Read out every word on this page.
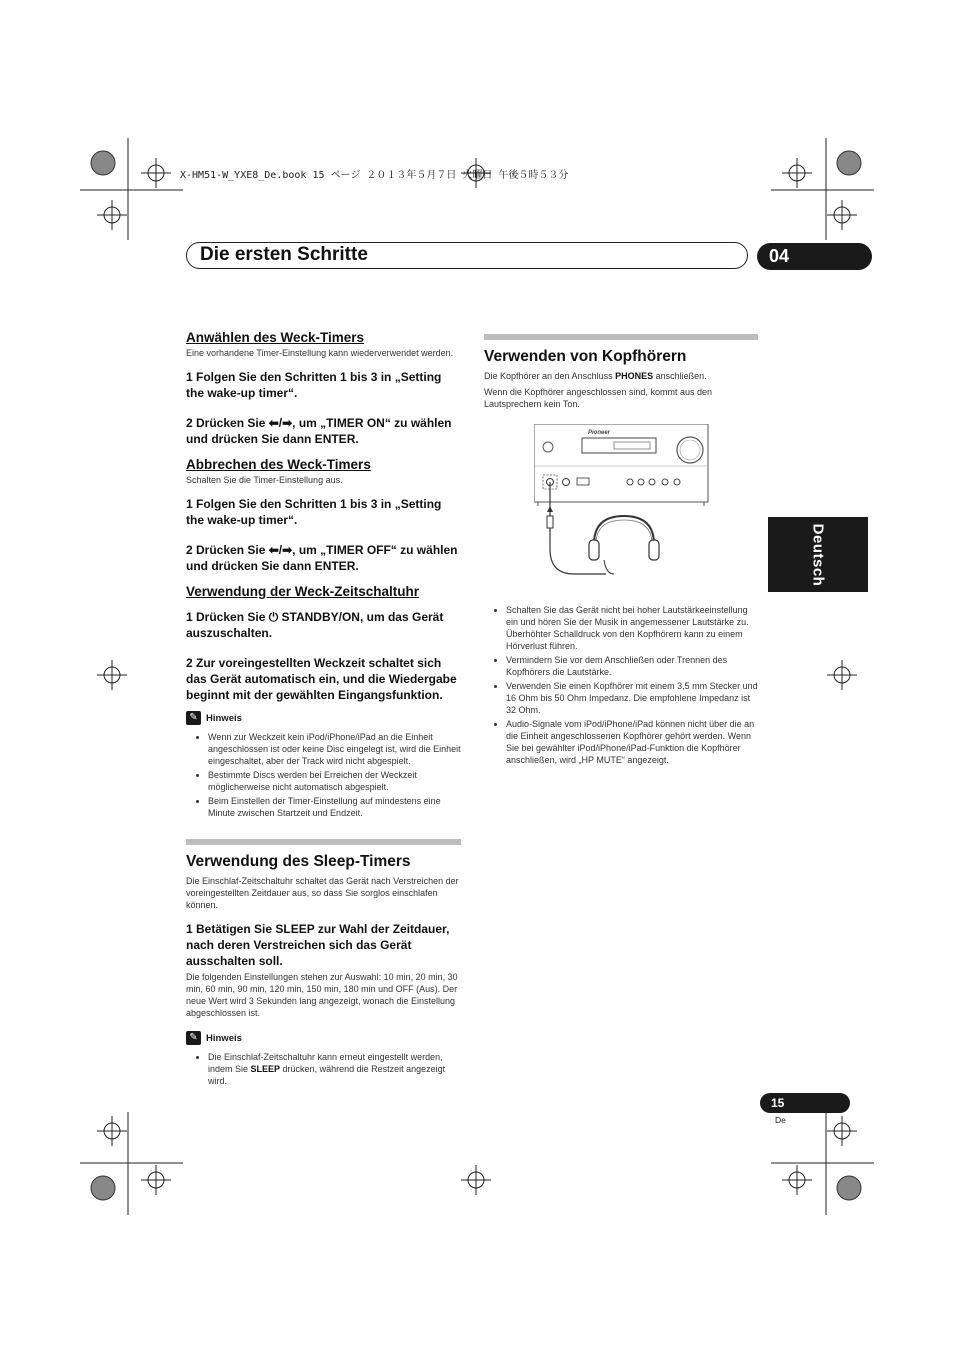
X-HM51-W_YXE8_De.book 15 ページ ２０１３年５月７日 火曜日 午後５時５３分
Die ersten Schritte	04
Deutsch
Anwählen des Weck-Timers

Eine vorhandene Timer-Einstellung kann wiederverwendet werden.

1 Folgen Sie den Schritten 1 bis 3 in „Setting the wake-up timer“.

2 Drücken Sie ⬅/➡, um „TIMER ON“ zu wählen und drücken Sie dann ENTER.

Abbrechen des Weck-Timers

Schalten Sie die Timer-Einstellung aus.

1 Folgen Sie den Schritten 1 bis 3 in „Setting the wake-up timer“.

2 Drücken Sie ⬅/➡, um „TIMER OFF“ zu wählen und drücken Sie dann ENTER.

Verwendung der Weck-Zeitschaltuhr

1 Drücken Sie ⏻ STANDBY/ON, um das Gerät auszuschalten.

2 Zur voreingestellten Weckzeit schaltet sich das Gerät automatisch ein, und die Wiedergabe beginnt mit der gewählten Eingangsfunktion.

✎ Hinweis
• Wenn zur Weckzeit kein iPod/iPhone/iPad an die Einheit angeschlossen ist oder keine Disc eingelegt ist, wird die Einheit eingeschaltet, aber der Track wird nicht abgespielt.
• Bestimmte Discs werden bei Erreichen der Weckzeit möglicherweise nicht automatisch abgespielt.
• Beim Einstellen der Timer-Einstellung auf mindestens eine Minute zwischen Startzeit und Endzeit.
Verwendung des Sleep-Timers

Die Einschlaf-Zeitschaltuhr schaltet das Gerät nach Verstreichen der voreingestellten Zeitdauer aus, so dass Sie sorglos einschlafen können.

1 Betätigen Sie SLEEP zur Wahl der Zeitdauer, nach deren Verstreichen sich das Gerät ausschalten soll.

Die folgenden Einstellungen stehen zur Auswahl: 10 min, 20 min, 30 min, 60 min, 90 min, 120 min, 150 min, 180 min und OFF (Aus). Der neue Wert wird 3 Sekunden lang angezeigt, wonach die Einstellung abgeschlossen ist.

✎ Hinweis
• Die Einschlaf-Zeitschaltuhr kann erneut eingestellt werden, indem Sie SLEEP drücken, während die Restzeit angezeigt wird.
Verwenden von Kopfhörern

Die Kopfhörer an den Anschluss PHONES anschließen.

Wenn die Kopfhörer angeschlossen sind, kommt aus den Lautsprechern kein Ton.

Pioneer
• Schalten Sie das Gerät nicht bei hoher Lautstärkeeinstellung ein und hören Sie der Musik in angemessener Lautstärke zu. Überhöhter Schalldruck von den Kopfhörern kann zu einem Hörverlust führen.
• Vermindern Sie vor dem Anschließen oder Trennen des Kopfhörers die Lautstärke.
• Verwenden Sie einen Kopfhörer mit einem 3,5 mm Stecker und 16 Ohm bis 50 Ohm Impedanz. Die empfohlene Impedanz ist 32 Ohm.
• Audio-Signale vom iPod/iPhone/iPad können nicht über die an die Einheit angeschlossenen Kopfhörer gehört werden. Wenn Sie bei gewählter iPod/iPhone/iPad-Funktion die Kopfhörer anschließen, wird „HP MUTE“ angezeigt.
15
De
